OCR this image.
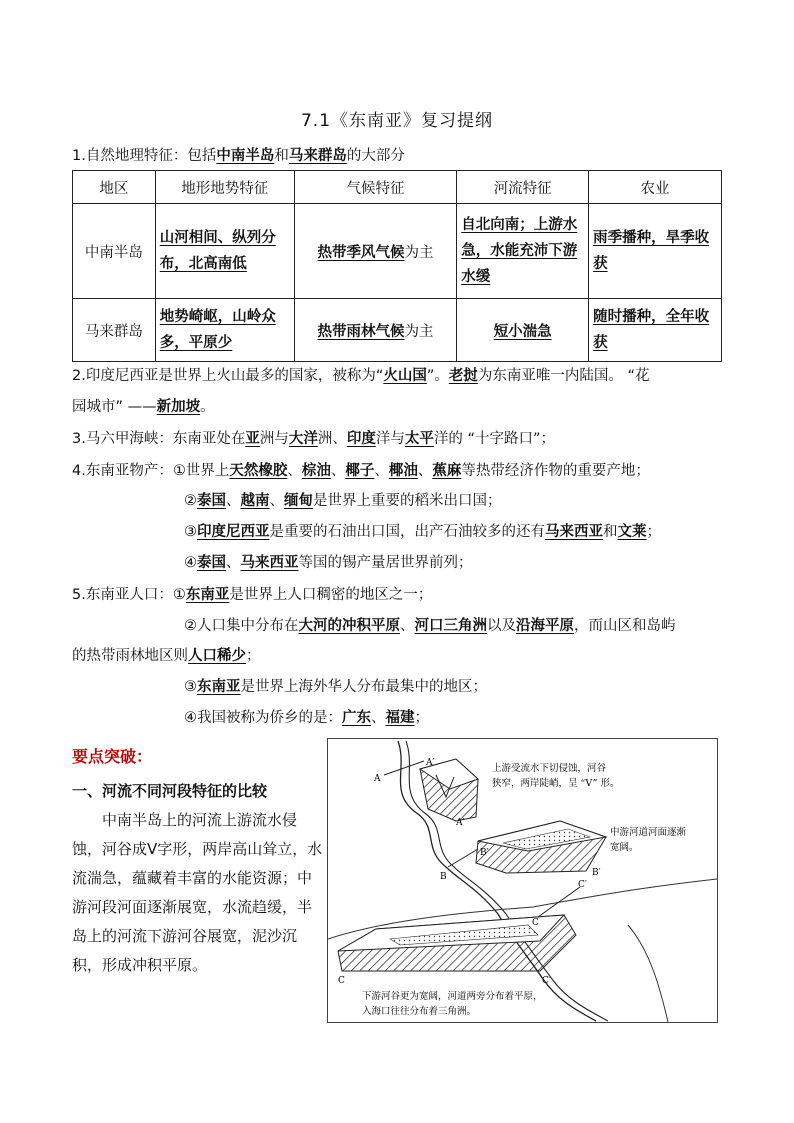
7.1《东南亚》复习提纲
1.自然地理特征：包括中南半岛和马来群岛的大部分
地区	地形地势特征	气候特征	河流特征	农业
中南半岛	山河相间、纵列分布，北高南低	热带季风气候为主	自北向南；上游水急，水能充沛下游水缓	雨季播种，旱季收获
马来群岛	地势崎岖，山岭众多，平原少	热带雨林气候为主	短小湍急	随时播种，全年收获
2.印度尼西亚是世界上火山最多的国家，被称为“火山国”。老挝为东南亚唯一内陆国。 “花
园城市” ——新加坡。
3.马六甲海峡：东南亚处在亚洲与大洋洲、印度洋与太平洋的 “十字路口”；
4.东南亚物产：①世界上天然橡胶、棕油、椰子、椰油、蕉麻等热带经济作物的重要产地；
②泰国、越南、缅甸是世界上重要的稻米出口国；
③印度尼西亚是重要的石油出口国，出产石油较多的还有马来西亚和文莱；
④泰国、马来西亚等国的锡产量居世界前列；
5.东南亚人口：①东南亚是世界上人口稠密的地区之一；
②人口集中分布在大河的冲积平原、河口三角洲以及沿海平原，而山区和岛屿
的热带雨林地区则人口稀少；
③东南亚是世界上海外华人分布最集中的地区；
④我国被称为侨乡的是：广东、福建；
要点突破：
一、河流不同河段特征的比较
中南半岛上的河流上游流水侵蚀，河谷成V字形，两岸高山耸立，水流湍急，蕴藏着丰富的水能资源；中游河段河面逐渐展宽，水流趋缓，半岛上的河流下游河谷展宽，泥沙沉积，形成冲积平原。
A
A′
A′
B
B′
B′
C
C′
C	C′
上游受流水下切侵蚀，河谷
狭窄，两岸陡峭，呈 “V” 形。
中游河道河面逐渐
宽阔。
下游河谷更为宽阔，河道两旁分布着平原，
入海口往往分布着三角洲。
